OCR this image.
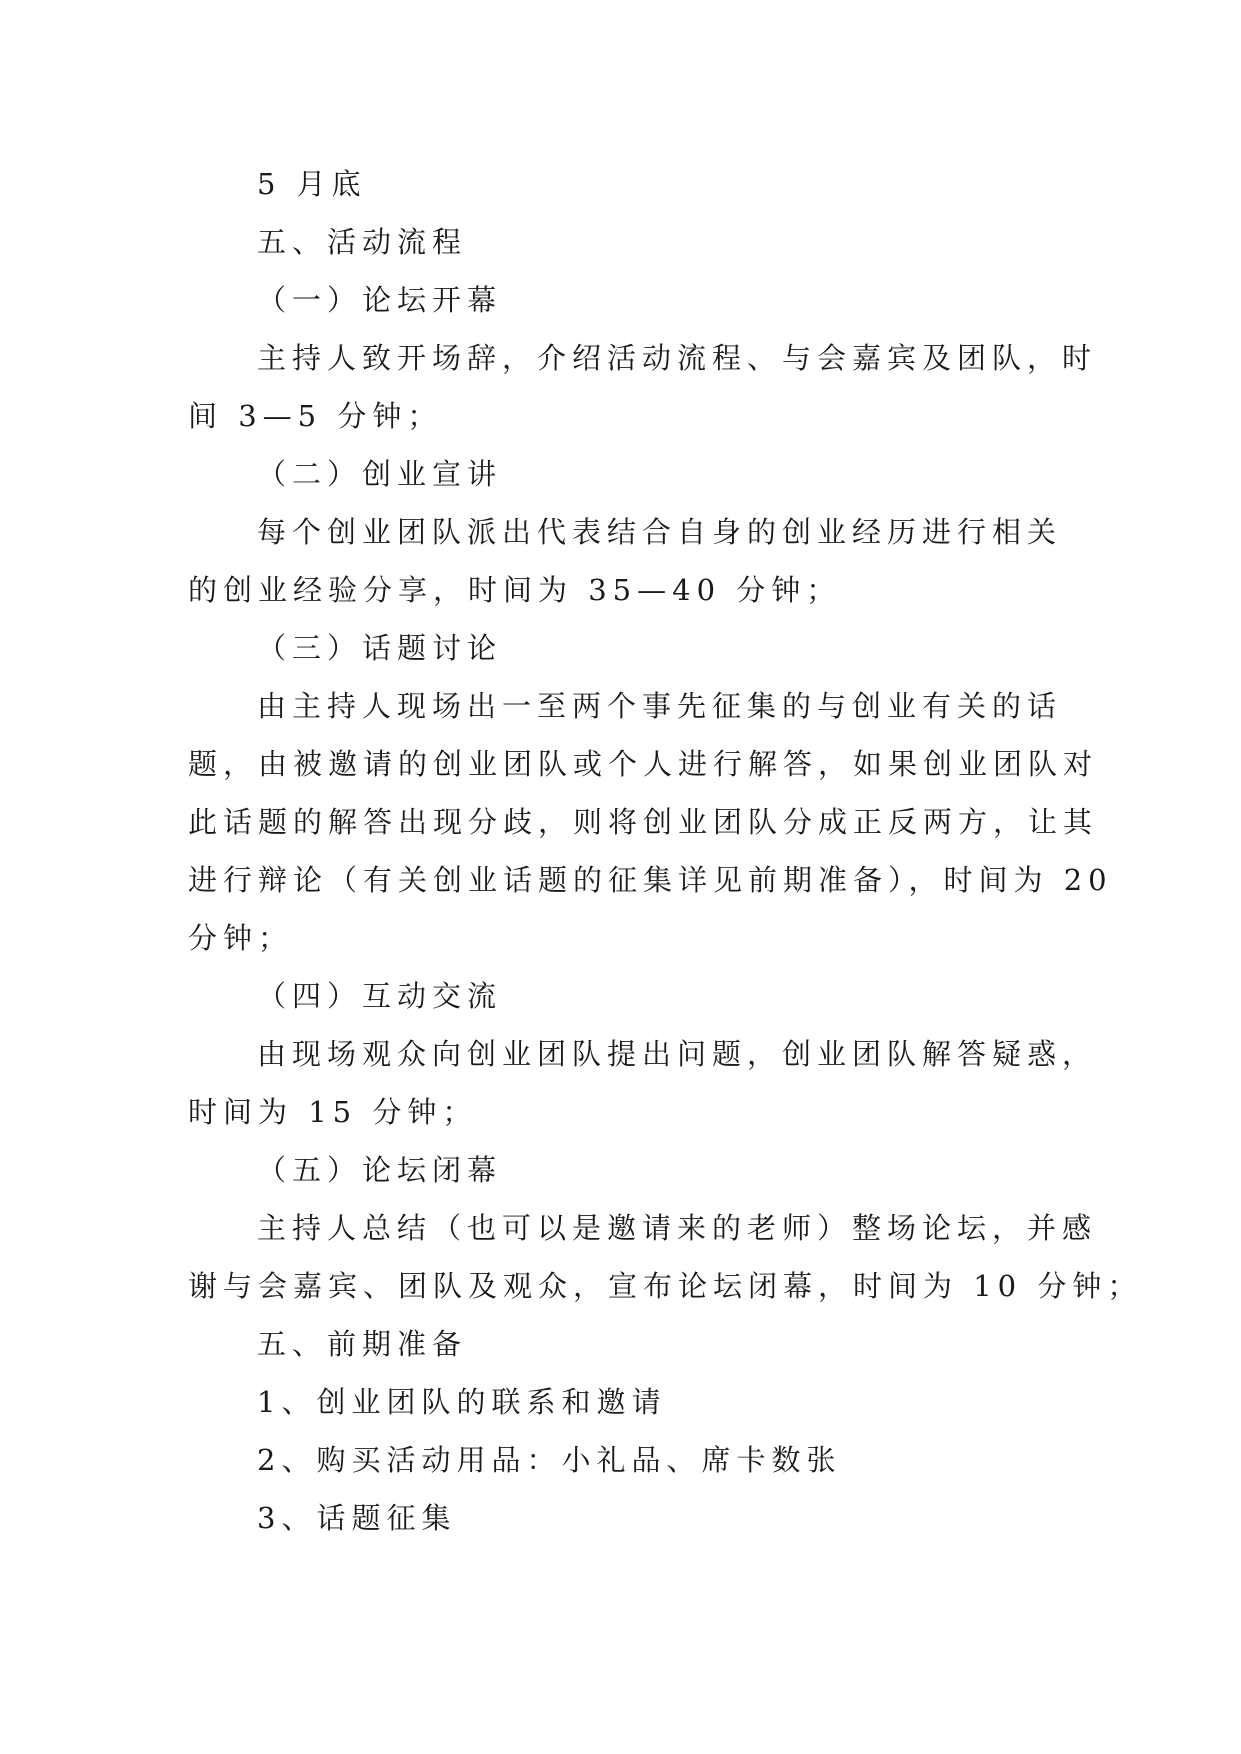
5 月底
五、活动流程
（一）论坛开幕
主持人致开场辞，介绍活动流程、与会嘉宾及团队，时
间 3—5 分钟；
（二）创业宣讲
每个创业团队派出代表结合自身的创业经历进行相关
的创业经验分享，时间为 35—40 分钟；
（三）话题讨论
由主持人现场出一至两个事先征集的与创业有关的话
题，由被邀请的创业团队或个人进行解答，如果创业团队对
此话题的解答出现分歧，则将创业团队分成正反两方，让其
进行辩论（有关创业话题的征集详见前期准备），时间为 20
分钟；
（四）互动交流
由现场观众向创业团队提出问题，创业团队解答疑惑，
时间为 15 分钟；
（五）论坛闭幕
主持人总结（也可以是邀请来的老师）整场论坛，并感
谢与会嘉宾、团队及观众，宣布论坛闭幕，时间为 10 分钟；
五、前期准备
1、创业团队的联系和邀请
2、购买活动用品：小礼品、席卡数张
3、话题征集
